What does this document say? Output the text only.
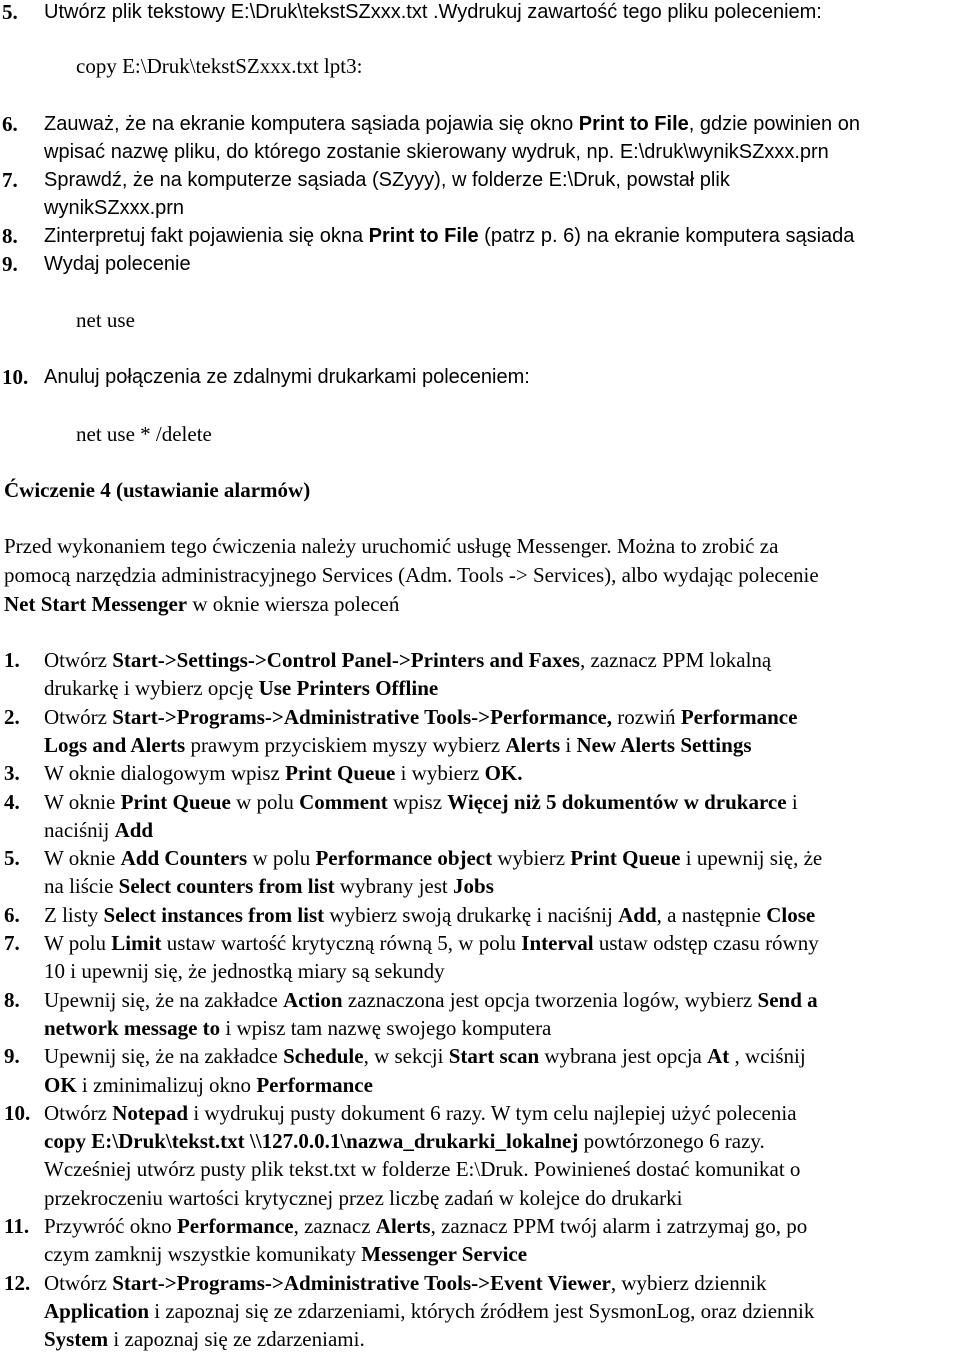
5. Utwórz plik tekstowy E:\Druk\tekstSZxxx.txt .Wydrukuj zawartość tego pliku poleceniem:
copy E:\Druk\tekstSZxxx.txt lpt3:
6. Zauważ, że na ekranie komputera sąsiada pojawia się okno Print to File, gdzie powinien on
wpisać nazwę pliku, do którego zostanie skierowany wydruk, np. E:\druk\wynikSZxxx.prn
7. Sprawdź, że na komputerze sąsiada (SZyyy), w folderze E:\Druk, powstał plik
wynikSZxxx.prn
8. Zinterpretuj fakt pojawienia się okna Print to File (patrz p. 6) na ekranie komputera sąsiada
9. Wydaj polecenie
net use
10. Anuluj połączenia ze zdalnymi drukarkami poleceniem:
net use * /delete
Ćwiczenie 4 (ustawianie alarmów)
Przed wykonaniem tego ćwiczenia należy uruchomić usługę Messenger. Można to zrobić za
pomocą narzędzia administracyjnego Services (Adm. Tools -> Services), albo wydając polecenie
Net Start Messenger w oknie wiersza poleceń
1. Otwórz Start->Settings->Control Panel->Printers and Faxes, zaznacz PPM lokalną
drukarkę i wybierz opcję Use Printers Offline
2. Otwórz Start->Programs->Administrative Tools->Performance, rozwiń Performance
Logs and Alerts prawym przyciskiem myszy wybierz Alerts i New Alerts Settings
3. W oknie dialogowym wpisz Print Queue i wybierz OK.
4. W oknie Print Queue w polu Comment wpisz Więcej niż 5 dokumentów w drukarce i
naciśnij Add
5. W oknie Add Counters w polu Performance object wybierz Print Queue i upewnij się, że
na liście Select counters from list wybrany jest Jobs
6. Z listy Select instances from list wybierz swoją drukarkę i naciśnij Add, a następnie Close
7. W polu Limit ustaw wartość krytyczną równą 5, w polu Interval ustaw odstęp czasu równy
10 i upewnij się, że jednostką miary są sekundy
8. Upewnij się, że na zakładce Action zaznaczona jest opcja tworzenia logów, wybierz Send a
network message to i wpisz tam nazwę swojego komputera
9. Upewnij się, że na zakładce Schedule, w sekcji Start scan wybrana jest opcja At , wciśnij
OK i zminimalizuj okno Performance
10. Otwórz Notepad i wydrukuj pusty dokument 6 razy. W tym celu najlepiej użyć polecenia
copy E:\Druk\tekst.txt \\127.0.0.1\nazwa_drukarki_lokalnej powtórzonego 6 razy.
Wcześniej utwórz pusty plik tekst.txt w folderze E:\Druk. Powinieneś dostać komunikat o
przekroczeniu wartości krytycznej przez liczbę zadań w kolejce do drukarki
11. Przywróć okno Performance, zaznacz Alerts, zaznacz PPM twój alarm i zatrzymaj go, po
czym zamknij wszystkie komunikaty Messenger Service
12. Otwórz Start->Programs->Administrative Tools->Event Viewer, wybierz dziennik
Application i zapoznaj się ze zdarzeniami, których źródłem jest SysmonLog, oraz dziennik
System i zapoznaj się ze zdarzeniami.
